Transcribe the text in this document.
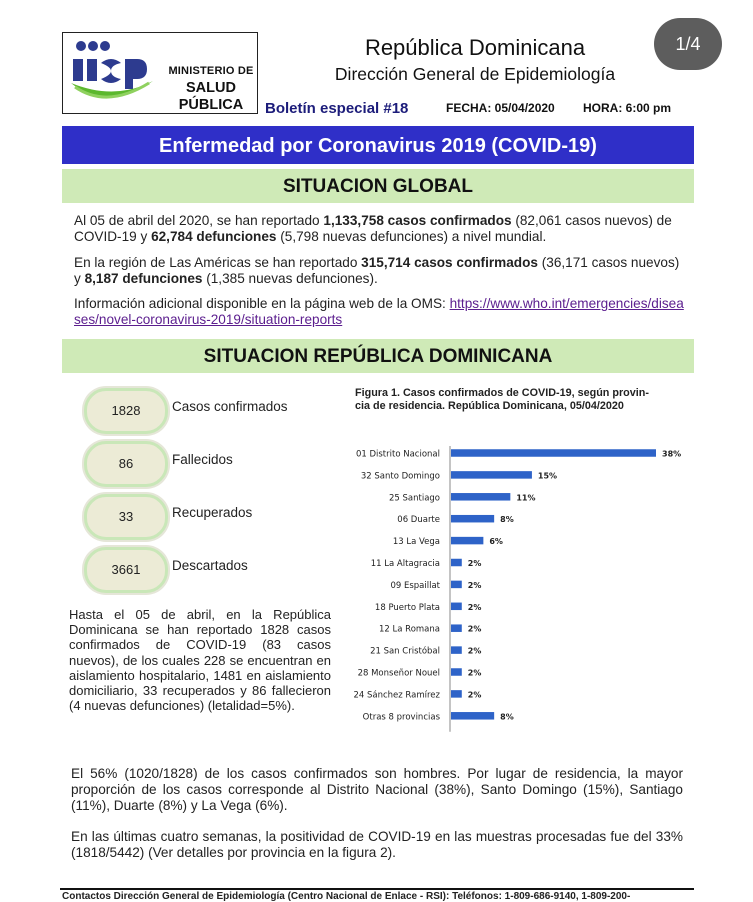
MINISTERIO DE
SALUD PÚBLICA
República Dominicana
Dirección General de Epidemiología
Boletín especial #18	FECHA: 05/04/2020 HORA: 6:00 pm
1/4
Enfermedad por Coronavirus 2019 (COVID-19)
SITUACION GLOBAL
Al 05 de abril del 2020, se han reportado 1,133,758 casos confirmados (82,061 casos nuevos) de COVID-19 y 62,784 defunciones (5,798 nuevas defunciones) a nivel mundial.
En la región de Las Américas se han reportado 315,714 casos confirmados (36,171 casos nuevos) y 8,187 defunciones (1,385 nuevas defunciones).
Información adicional disponible en la página web de la OMS: https://www.who.int/emergencies/diseases/novel-coronavirus-2019/situation-reports
SITUACION REPÚBLICA DOMINICANA
1828	Casos confirmados
86	Fallecidos
33	Recuperados
3661	Descartados
Hasta el 05 de abril, en la República Dominicana se han reportado 1828 casos confirmados de COVID-19 (83 casos nuevos), de los cuales 228 se encuentran en aislamiento hospitalario, 1481 en aislamiento domiciliario, 33 recuperados y 86 fallecieron (4 nuevas defunciones) (letalidad=5%).
Figura 1. Casos confirmados de COVID-19, según provin-
cia de residencia. República Dominicana, 05/04/2020
01 Distrito Nacional	38%
32 Santo Domingo	15%
25 Santiago	11%
06 Duarte	8%
13 La Vega	6%
11 La Altagracia	2%
09 Espaillat	2%
18 Puerto Plata	2%
12 La Romana	2%
21 San Cristóbal	2%
28 Monseñor Nouel	2%
24 Sánchez Ramírez	2%
Otras 8 provincias	8%
El 56% (1020/1828) de los casos confirmados son hombres. Por lugar de residencia, la mayor proporción de los casos corresponde al Distrito Nacional (38%), Santo Domingo (15%), Santiago (11%), Duarte (8%) y La Vega (6%).
En las últimas cuatro semanas, la positividad de COVID-19 en las muestras procesadas fue del 33% (1818/5442) (Ver detalles por provincia en la figura 2).
Contactos Dirección General de Epidemiología (Centro Nacional de Enlace - RSI): Teléfonos: 1-809-686-9140, 1-809-200-
